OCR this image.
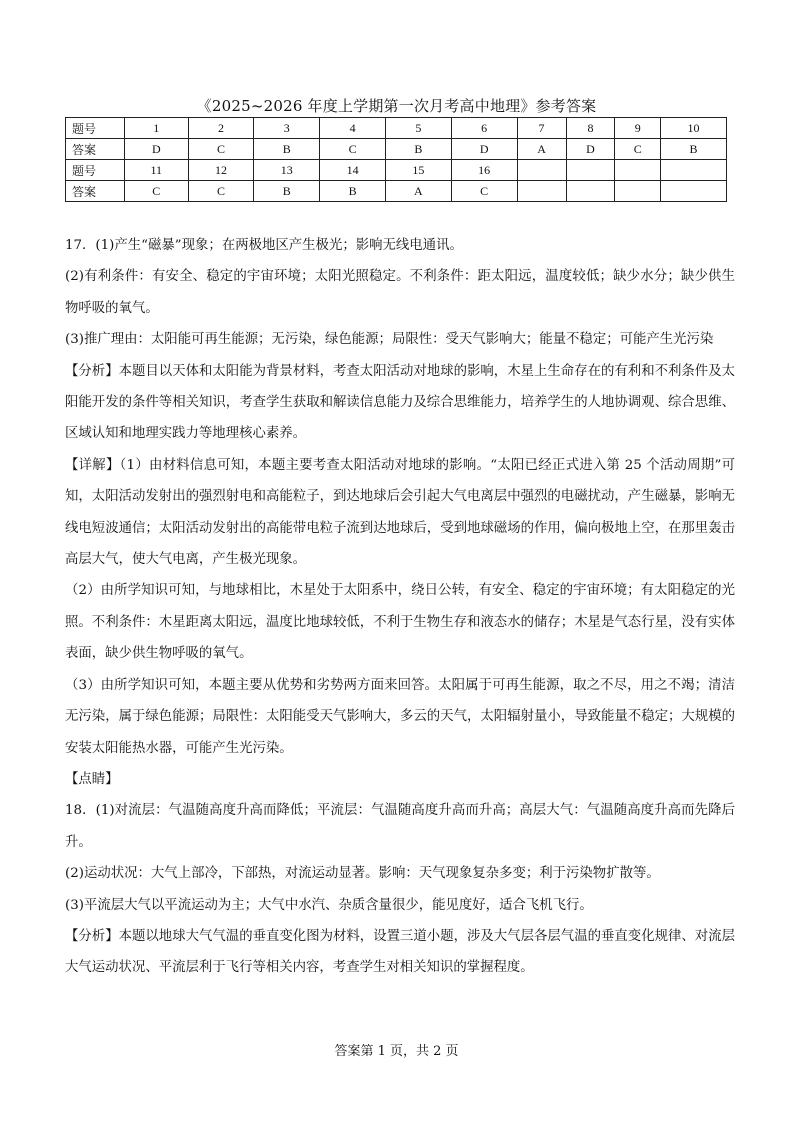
《2025~2026 年度上学期第一次月考高中地理》参考答案
题号	1	2	3	4	5	6	7	8	9	10
答案	D	C	B	C	B	D	A	D	C	B
题号	11	12	13	14	15	16				
答案	C	C	B	B	A	C				

17．(1)产生“磁暴”现象；在两极地区产生极光；影响无线电通讯。

(2)有利条件：有安全、稳定的宇宙环境；太阳光照稳定。不利条件：距太阳远，温度较低；缺少水分；缺少供生物呼吸的氧气。

(3)推广理由：太阳能可再生能源；无污染，绿色能源；局限性：受天气影响大；能量不稳定；可能产生光污染

【分析】本题目以天体和太阳能为背景材料，考查太阳活动对地球的影响，木星上生命存在的有利和不利条件及太阳能开发的条件等相关知识，考查学生获取和解读信息能力及综合思维能力，培养学生的人地协调观、综合思维、区域认知和地理实践力等地理核心素养。

【详解】（1）由材料信息可知，本题主要考查太阳活动对地球的影响。“太阳已经正式进入第 25 个活动周期”可知，太阳活动发射出的强烈射电和高能粒子，到达地球后会引起大气电离层中强烈的电磁扰动，产生磁暴，影响无线电短波通信；太阳活动发射出的高能带电粒子流到达地球后，受到地球磁场的作用，偏向极地上空，在那里轰击高层大气，使大气电离，产生极光现象。

（2）由所学知识可知，与地球相比，木星处于太阳系中，绕日公转，有安全、稳定的宇宙环境；有太阳稳定的光照。不利条件：木星距离太阳远，温度比地球较低，不利于生物生存和液态水的储存；木星是气态行星，没有实体表面，缺少供生物呼吸的氧气。

（3）由所学知识可知，本题主要从优势和劣势两方面来回答。太阳属于可再生能源，取之不尽，用之不竭；清洁无污染，属于绿色能源；局限性：太阳能受天气影响大，多云的天气，太阳辐射量小，导致能量不稳定；大规模的安装太阳能热水器，可能产生光污染。

【点睛】

18．(1)对流层：气温随高度升高而降低；平流层：气温随高度升高而升高；高层大气：气温随高度升高而先降后升。

(2)运动状况：大气上部冷，下部热，对流运动显著。影响：天气现象复杂多变；利于污染物扩散等。

(3)平流层大气以平流运动为主；大气中水汽、杂质含量很少，能见度好，适合飞机飞行。

【分析】本题以地球大气气温的垂直变化图为材料，设置三道小题，涉及大气层各层气温的垂直变化规律、对流层大气运动状况、平流层利于飞行等相关内容，考查学生对相关知识的掌握程度。

答案第 1 页，共 2 页
